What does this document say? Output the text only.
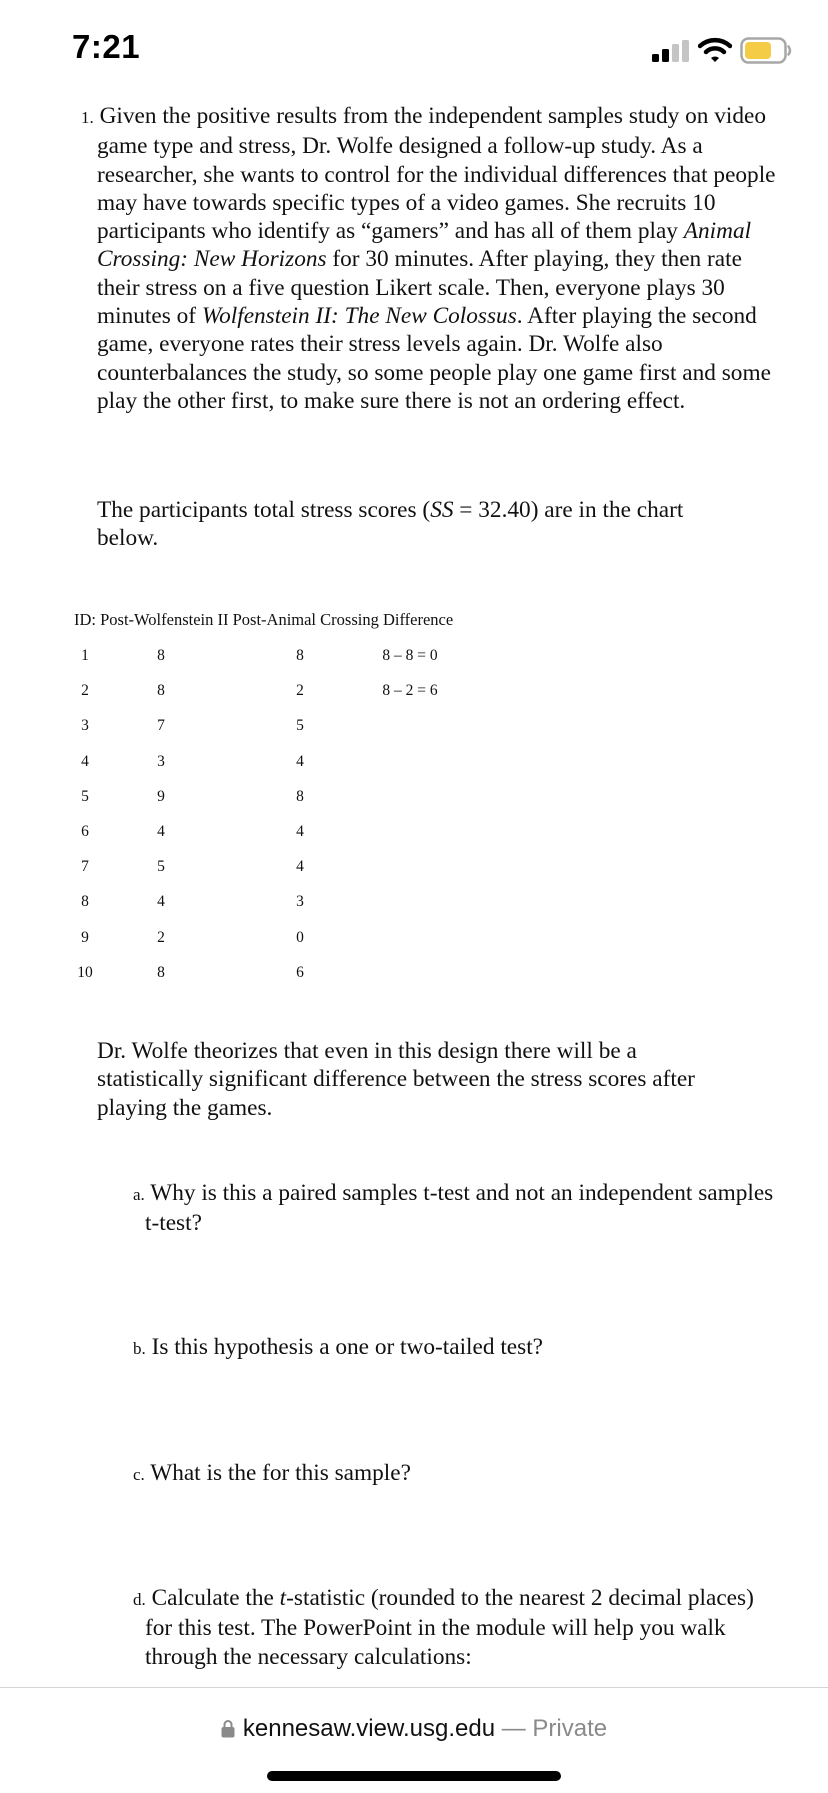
7:21
1. Given the positive results from the independent samples study on video game type and stress, Dr. Wolfe designed a follow-up study. As a researcher, she wants to control for the individual differences that people may have towards specific types of a video games. She recruits 10 participants who identify as “gamers” and has all of them play Animal Crossing: New Horizons for 30 minutes. After playing, they then rate their stress on a five question Likert scale. Then, everyone plays 30 minutes of Wolfenstein II: The New Colossus. After playing the second game, everyone rates their stress levels again. Dr. Wolfe also counterbalances the study, so some people play one game first and some play the other first, to make sure there is not an ordering effect.
The participants total stress scores (SS = 32.40) are in the chart below.
ID: Post-Wolfenstein II Post-Animal Crossing Difference
1	8	8	8 – 8 = 0
2	8	2	8 – 2 = 6
3	7	5
4	3	4
5	9	8
6	4	4
7	5	4
8	4	3
9	2	0
10	8	6
Dr. Wolfe theorizes that even in this design there will be a statistically significant difference between the stress scores after playing the games.
a. Why is this a paired samples t-test and not an independent samples t-test?
b. Is this hypothesis a one or two-tailed test?
c. What is the for this sample?
d. Calculate the t-statistic (rounded to the nearest 2 decimal places) for this test. The PowerPoint in the module will help you walk through the necessary calculations:
kennesaw.view.usg.edu — Private
